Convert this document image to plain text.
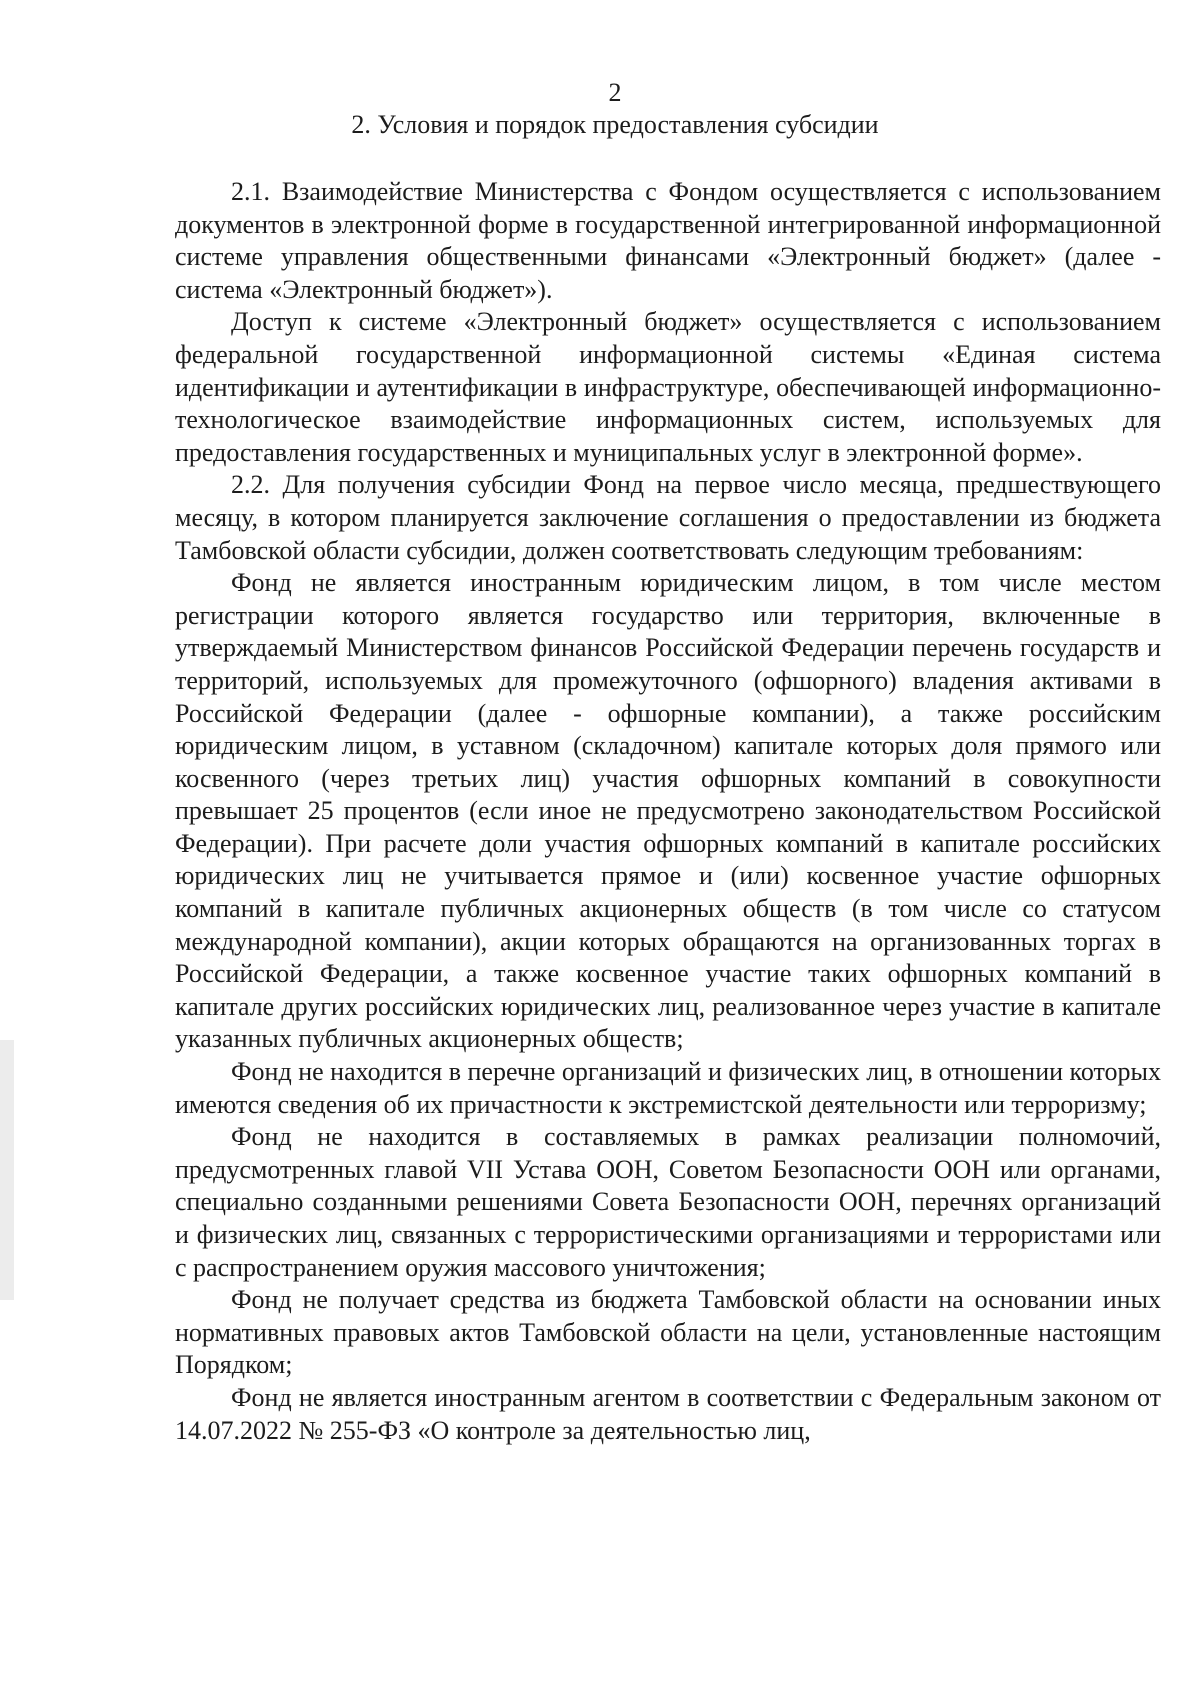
2
2. Условия и порядок предоставления субсидии

2.1. Взаимодействие Министерства с Фондом осуществляется с использованием документов в электронной форме в государственной интегрированной информационной системе управления общественными финансами «Электронный бюджет» (далее - система «Электронный бюджет»).

Доступ к системе «Электронный бюджет» осуществляется с использованием федеральной государственной информационной системы «Единая система идентификации и аутентификации в инфраструктуре, обеспечивающей информационно-технологическое взаимодействие информационных систем, используемых для предоставления государственных и муниципальных услуг в электронной форме».

2.2. Для получения субсидии Фонд на первое число месяца, предшествующего месяцу, в котором планируется заключение соглашения о предоставлении из бюджета Тамбовской области субсидии, должен соответствовать следующим требованиям:

Фонд не является иностранным юридическим лицом, в том числе местом регистрации которого является государство или территория, включенные в утверждаемый Министерством финансов Российской Федерации перечень государств и территорий, используемых для промежуточного (офшорного) владения активами в Российской Федерации (далее - офшорные компании), а также российским юридическим лицом, в уставном (складочном) капитале которых доля прямого или косвенного (через третьих лиц) участия офшорных компаний в совокупности превышает 25 процентов (если иное не предусмотрено законодательством Российской Федерации). При расчете доли участия офшорных компаний в капитале российских юридических лиц не учитывается прямое и (или) косвенное участие офшорных компаний в капитале публичных акционерных обществ (в том числе со статусом международной компании), акции которых обращаются на организованных торгах в Российской Федерации, а также косвенное участие таких офшорных компаний в капитале других российских юридических лиц, реализованное через участие в капитале указанных публичных акционерных обществ;

Фонд не находится в перечне организаций и физических лиц, в отношении которых имеются сведения об их причастности к экстремистской деятельности или терроризму;

Фонд не находится в составляемых в рамках реализации полномочий, предусмотренных главой VII Устава ООН, Советом Безопасности ООН или органами, специально созданными решениями Совета Безопасности ООН, перечнях организаций и физических лиц, связанных с террористическими организациями и террористами или с распространением оружия массового уничтожения;

Фонд не получает средства из бюджета Тамбовской области на основании иных нормативных правовых актов Тамбовской области на цели, установленные настоящим Порядком;

Фонд не является иностранным агентом в соответствии с Федеральным законом от 14.07.2022 № 255-ФЗ «О контроле за деятельностью лиц,
